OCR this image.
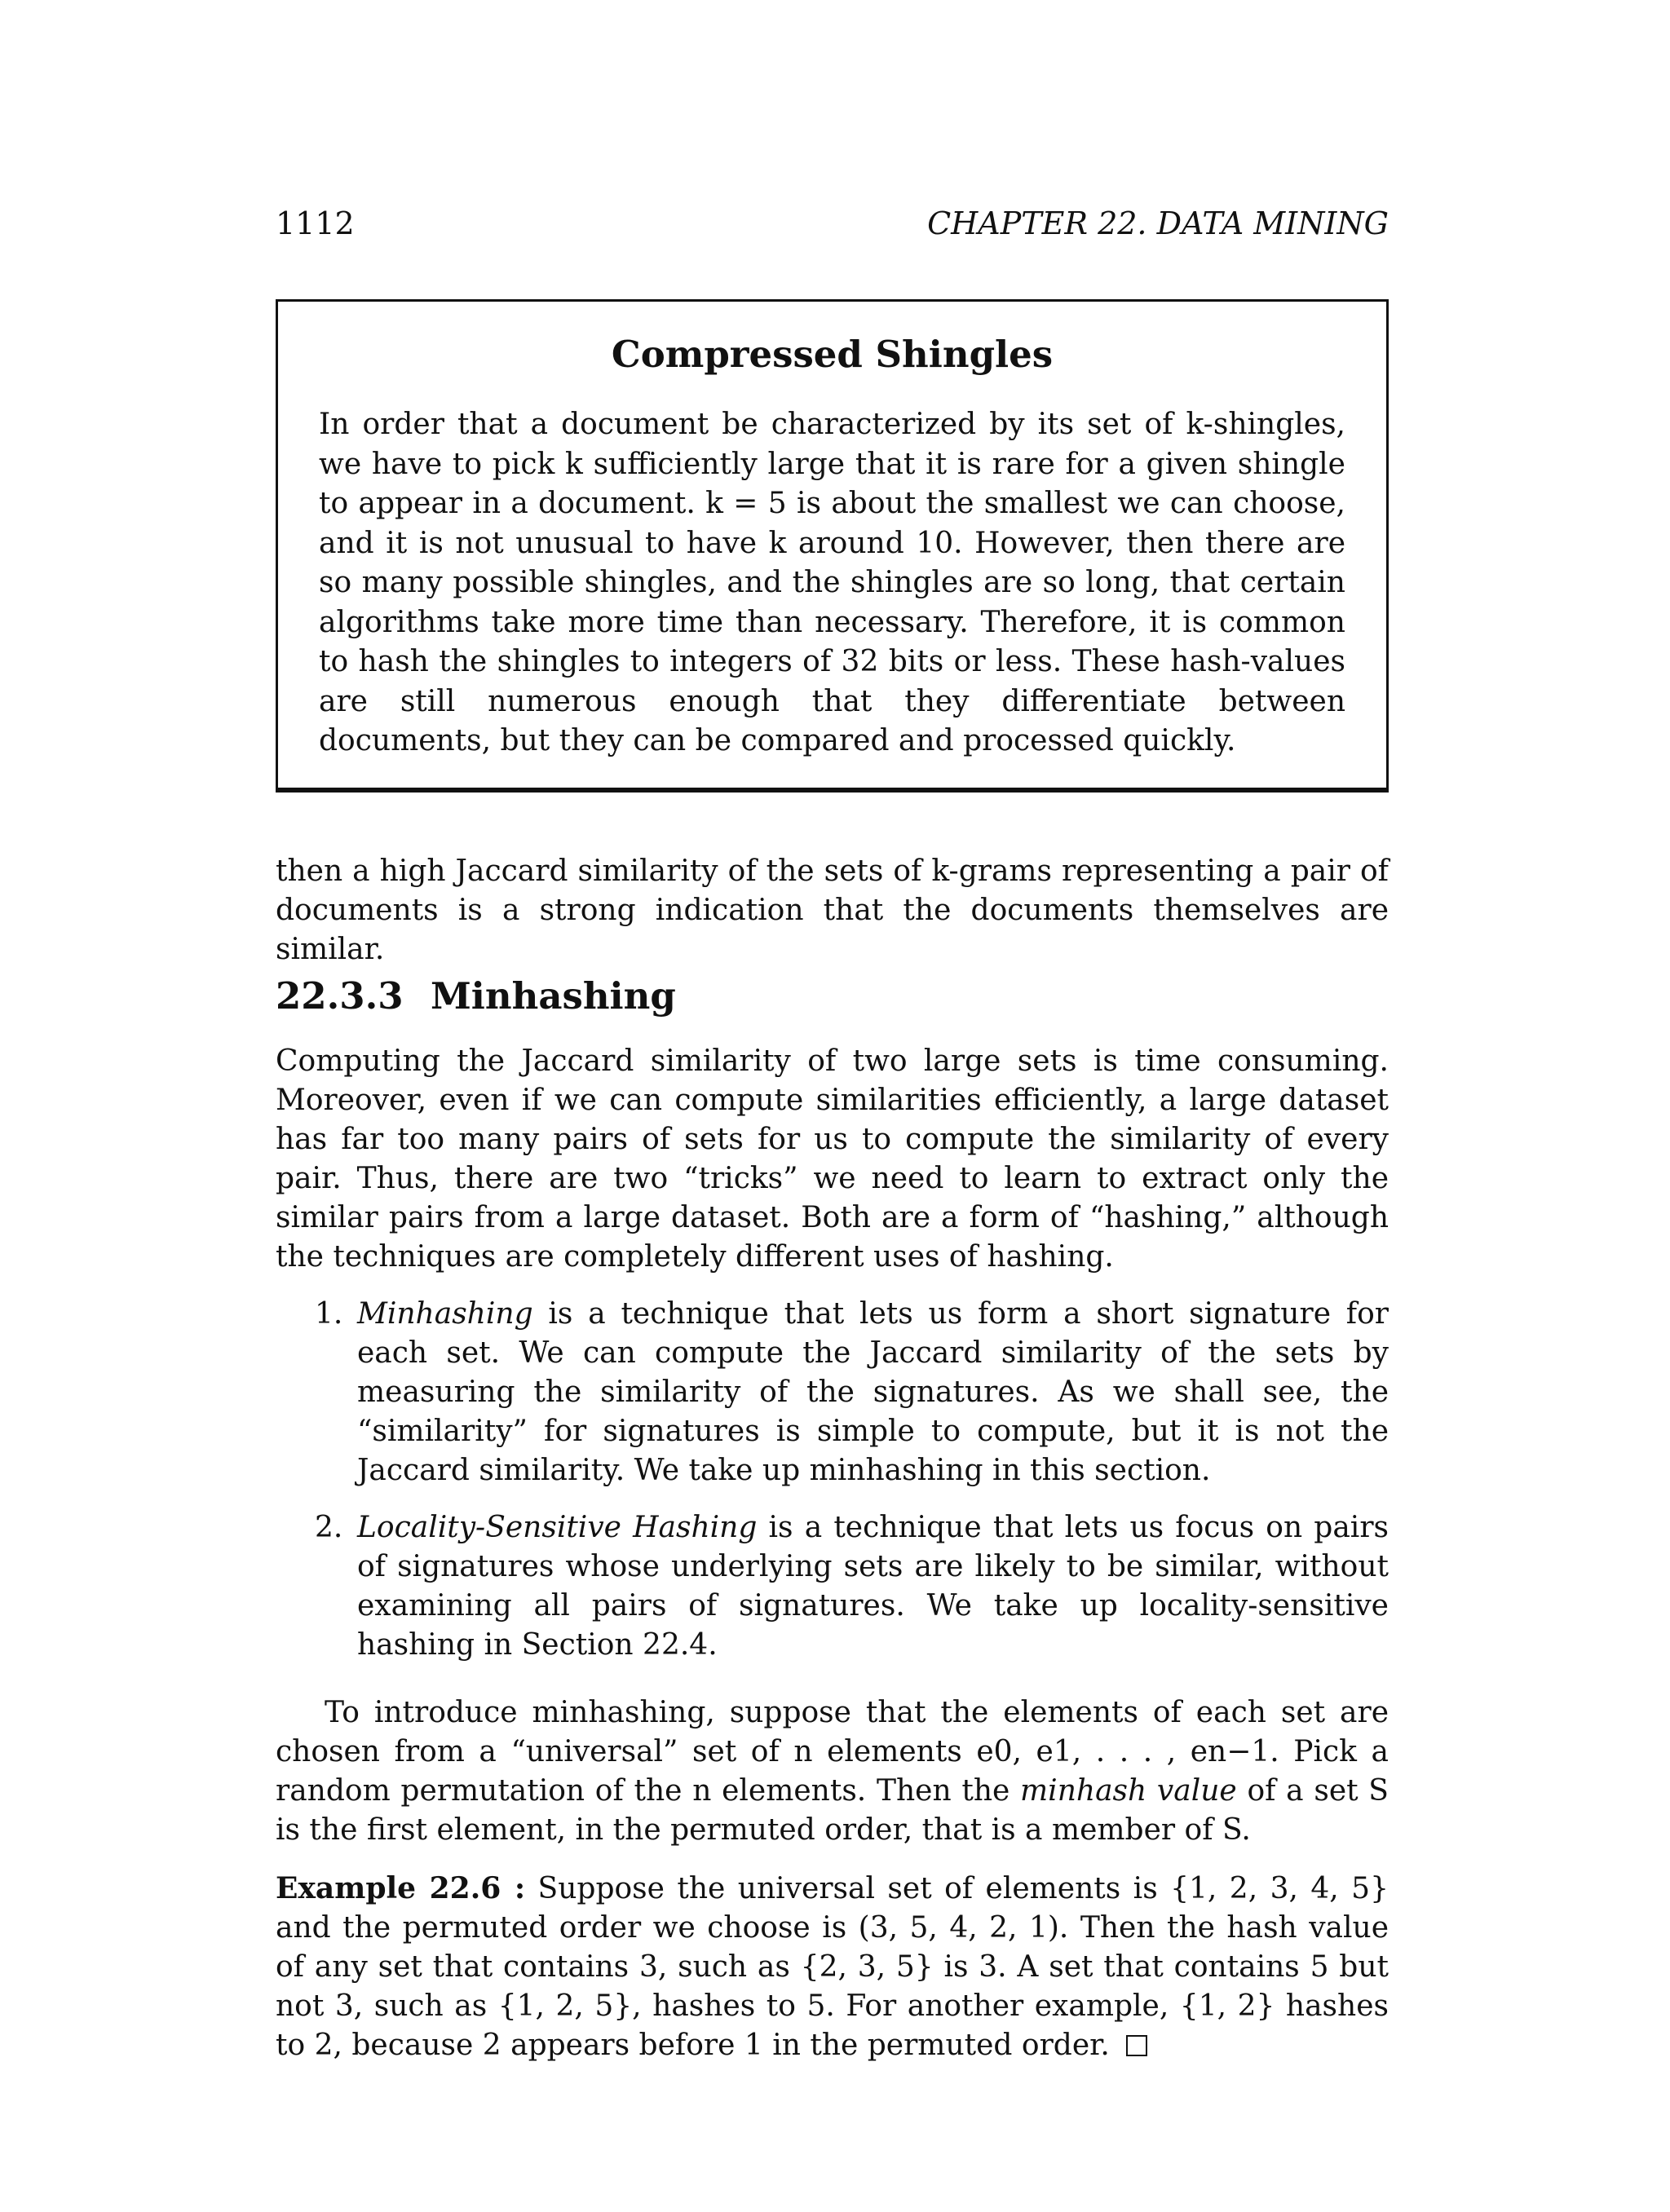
1112	CHAPTER 22. DATA MINING
Compressed Shingles

In order that a document be characterized by its set of k-shingles, we have to pick k sufficiently large that it is rare for a given shingle to appear in a document. k = 5 is about the smallest we can choose, and it is not unusual to have k around 10. However, then there are so many possible shingles, and the shingles are so long, that certain algorithms take more time than necessary. Therefore, it is common to hash the shingles to integers of 32 bits or less. These hash-values are still numerous enough that they differentiate between documents, but they can be compared and processed quickly.

then a high Jaccard similarity of the sets of k-grams representing a pair of documents is a strong indication that the documents themselves are similar.

22.3.3 Minhashing

Computing the Jaccard similarity of two large sets is time consuming. Moreover, even if we can compute similarities efficiently, a large dataset has far too many pairs of sets for us to compute the similarity of every pair. Thus, there are two “tricks” we need to learn to extract only the similar pairs from a large dataset. Both are a form of “hashing,” although the techniques are completely different uses of hashing.

1. Minhashing is a technique that lets us form a short signature for each set. We can compute the Jaccard similarity of the sets by measuring the similarity of the signatures. As we shall see, the “similarity” for signatures is simple to compute, but it is not the Jaccard similarity. We take up minhashing in this section.
2. Locality-Sensitive Hashing is a technique that lets us focus on pairs of signatures whose underlying sets are likely to be similar, without examining all pairs of signatures. We take up locality-sensitive hashing in Section 22.4.

To introduce minhashing, suppose that the elements of each set are chosen from a “universal” set of n elements e0, e1, . . . , en−1. Pick a random permutation of the n elements. Then the minhash value of a set S is the first element, in the permuted order, that is a member of S.

Example 22.6 : Suppose the universal set of elements is {1, 2, 3, 4, 5} and the permuted order we choose is (3, 5, 4, 2, 1). Then the hash value of any set that contains 3, such as {2, 3, 5} is 3. A set that contains 5 but not 3, such as {1, 2, 5}, hashes to 5. For another example, {1, 2} hashes to 2, because 2 appears before 1 in the permuted order.
